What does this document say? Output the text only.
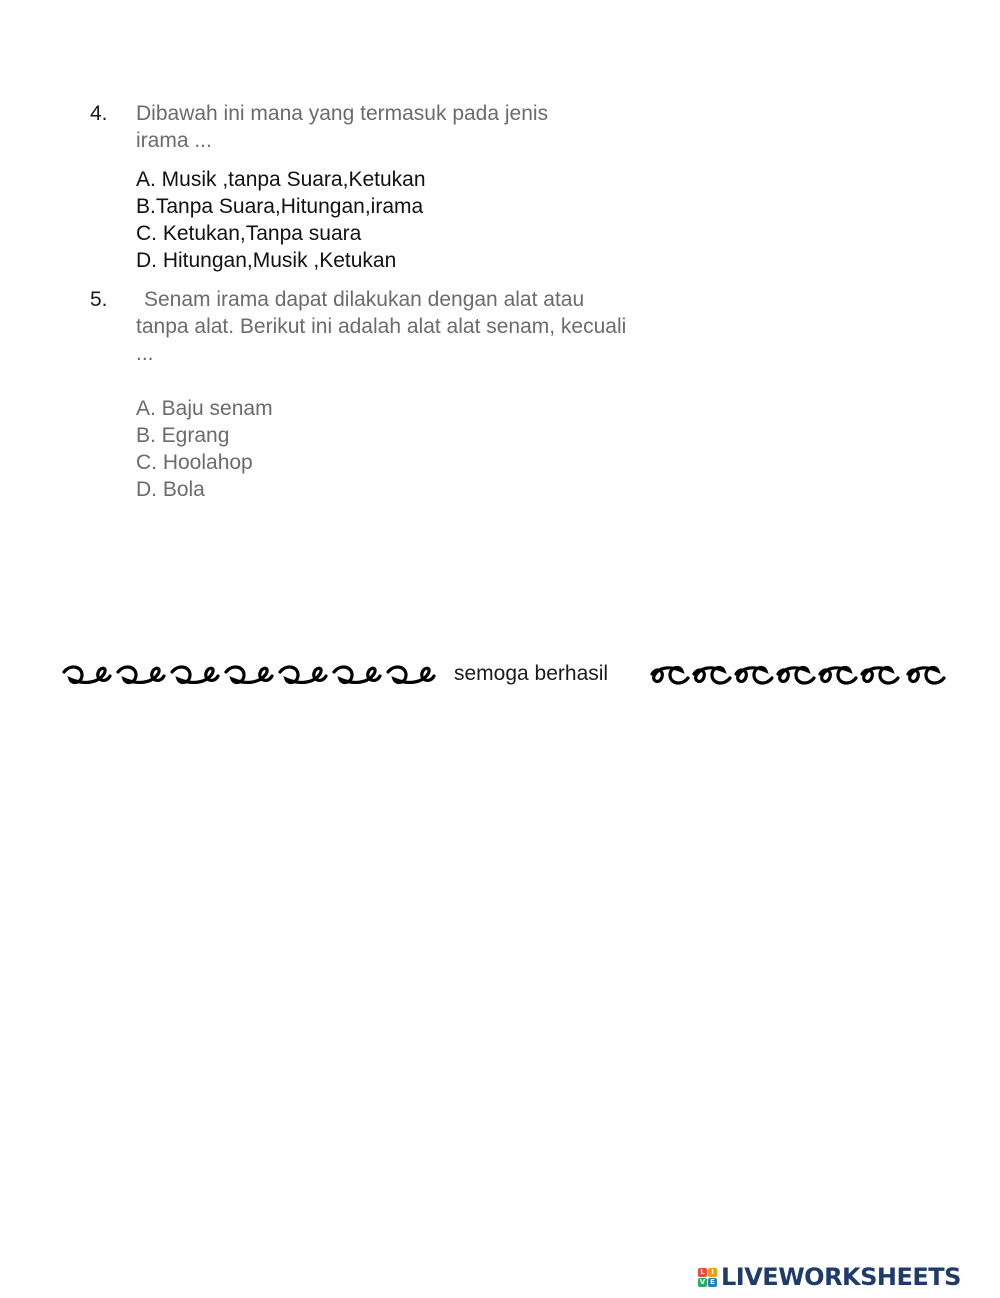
4. Dibawah ini mana yang termasuk pada jenis irama ...
A. Musik ,tanpa Suara,Ketukan
B.Tanpa Suara,Hitungan,irama
C. Ketukan,Tanpa suara
D. Hitungan,Musik ,Ketukan
5.	Senam irama dapat dilakukan dengan alat atau tanpa alat. Berikut ini adalah alat alat senam, kecuali ...
A. Baju senam
B. Egrang
C. Hoolahop
D. Bola
semoga berhasil
L I
V E LIVEWORKSHEETS
